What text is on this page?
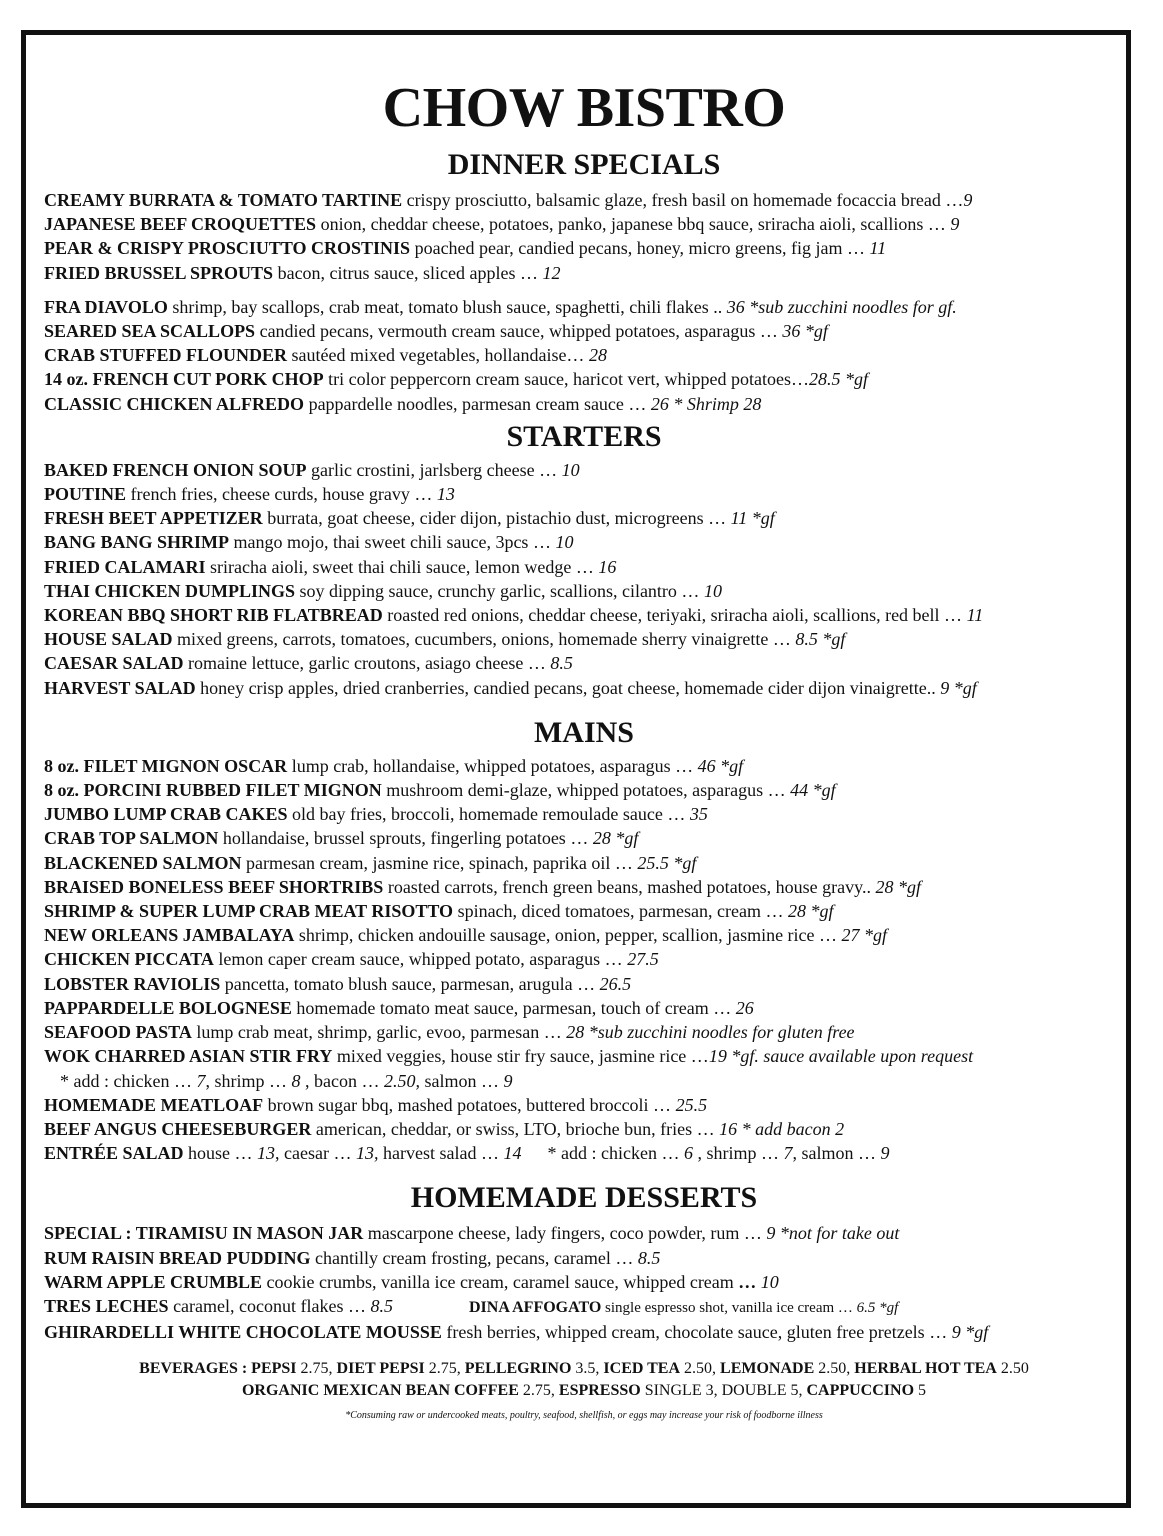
CHOW BISTRO
DINNER SPECIALS
CREAMY BURRATA & TOMATO TARTINE crispy prosciutto, balsamic glaze, fresh basil on homemade focaccia bread …9
JAPANESE BEEF CROQUETTES onion, cheddar cheese, potatoes, panko, japanese bbq sauce, sriracha aioli, scallions … 9
PEAR & CRISPY PROSCIUTTO CROSTINIS poached pear, candied pecans, honey, micro greens, fig jam … 11
FRIED BRUSSEL SPROUTS bacon, citrus sauce, sliced apples … 12
FRA DIAVOLO shrimp, bay scallops, crab meat, tomato blush sauce, spaghetti, chili flakes .. 36 *sub zucchini noodles for gf.
SEARED SEA SCALLOPS candied pecans, vermouth cream sauce, whipped potatoes, asparagus … 36 *gf
CRAB STUFFED FLOUNDER sautéed mixed vegetables, hollandaise… 28
14 oz. FRENCH CUT PORK CHOP tri color peppercorn cream sauce, haricot vert, whipped potatoes…28.5 *gf
CLASSIC CHICKEN ALFREDO pappardelle noodles, parmesan cream sauce … 26 * Shrimp 28
STARTERS
BAKED FRENCH ONION SOUP garlic crostini, jarlsberg cheese … 10
POUTINE french fries, cheese curds, house gravy … 13
FRESH BEET APPETIZER burrata, goat cheese, cider dijon, pistachio dust, microgreens … 11 *gf
BANG BANG SHRIMP mango mojo, thai sweet chili sauce, 3pcs … 10
FRIED CALAMARI sriracha aioli, sweet thai chili sauce, lemon wedge … 16
THAI CHICKEN DUMPLINGS soy dipping sauce, crunchy garlic, scallions, cilantro … 10
KOREAN BBQ SHORT RIB FLATBREAD roasted red onions, cheddar cheese, teriyaki, sriracha aioli, scallions, red bell … 11
HOUSE SALAD mixed greens, carrots, tomatoes, cucumbers, onions, homemade sherry vinaigrette … 8.5 *gf
CAESAR SALAD romaine lettuce, garlic croutons, asiago cheese … 8.5
HARVEST SALAD honey crisp apples, dried cranberries, candied pecans, goat cheese, homemade cider dijon vinaigrette.. 9 *gf
MAINS
8 oz. FILET MIGNON OSCAR lump crab, hollandaise, whipped potatoes, asparagus … 46 *gf
8 oz. PORCINI RUBBED FILET MIGNON mushroom demi-glaze, whipped potatoes, asparagus … 44 *gf
JUMBO LUMP CRAB CAKES old bay fries, broccoli, homemade remoulade sauce … 35
CRAB TOP SALMON hollandaise, brussel sprouts, fingerling potatoes … 28 *gf
BLACKENED SALMON parmesan cream, jasmine rice, spinach, paprika oil … 25.5 *gf
BRAISED BONELESS BEEF SHORTRIBS roasted carrots, french green beans, mashed potatoes, house gravy.. 28 *gf
SHRIMP & SUPER LUMP CRAB MEAT RISOTTO spinach, diced tomatoes, parmesan, cream … 28 *gf
NEW ORLEANS JAMBALAYA shrimp, chicken andouille sausage, onion, pepper, scallion, jasmine rice … 27 *gf
CHICKEN PICCATA lemon caper cream sauce, whipped potato, asparagus … 27.5
LOBSTER RAVIOLIS pancetta, tomato blush sauce, parmesan, arugula … 26.5
PAPPARDELLE BOLOGNESE homemade tomato meat sauce, parmesan, touch of cream … 26
SEAFOOD PASTA lump crab meat, shrimp, garlic, evoo, parmesan … 28 *sub zucchini noodles for gluten free
WOK CHARRED ASIAN STIR FRY mixed veggies, house stir fry sauce, jasmine rice …19 *gf. sauce available upon request
* add : chicken … 7, shrimp … 8 , bacon … 2.50, salmon … 9
HOMEMADE MEATLOAF brown sugar bbq, mashed potatoes, buttered broccoli … 25.5
BEEF ANGUS CHEESEBURGER american, cheddar, or swiss, LTO, brioche bun, fries … 16 * add bacon 2
ENTRÉE SALAD house … 13, caesar … 13, harvest salad … 14 * add : chicken … 6 , shrimp … 7, salmon … 9
HOMEMADE DESSERTS
SPECIAL : TIRAMISU IN MASON JAR mascarpone cheese, lady fingers, coco powder, rum … 9 *not for take out
RUM RAISIN BREAD PUDDING chantilly cream frosting, pecans, caramel … 8.5
WARM APPLE CRUMBLE cookie crumbs, vanilla ice cream, caramel sauce, whipped cream … 10
TRES LECHES caramel, coconut flakes … 8.5	DINA AFFOGATO single espresso shot, vanilla ice cream … 6.5 *gf
GHIRARDELLI WHITE CHOCOLATE MOUSSE fresh berries, whipped cream, chocolate sauce, gluten free pretzels … 9 *gf
BEVERAGES : PEPSI 2.75, DIET PEPSI 2.75, PELLEGRINO 3.5, ICED TEA 2.50, LEMONADE 2.50, HERBAL HOT TEA 2.50
ORGANIC MEXICAN BEAN COFFEE 2.75, ESPRESSO SINGLE 3, DOUBLE 5, CAPPUCCINO 5
*Consuming raw or undercooked meats, poultry, seafood, shellfish, or eggs may increase your risk of foodborne illness
